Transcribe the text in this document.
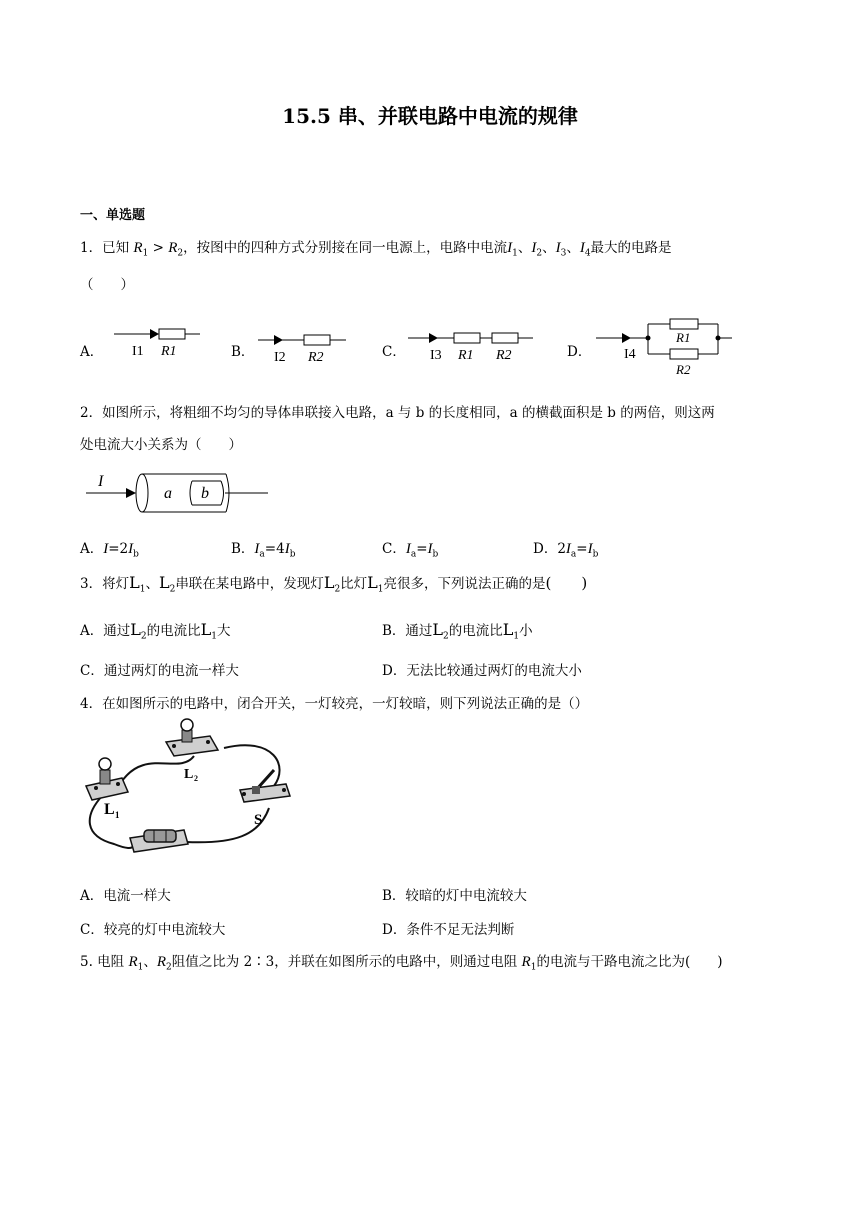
15.5 串、并联电路中电流的规律
一、单选题
1．已知 $R_1 > R_2$，按图中的四种方式分别接在同一电源上，电路中电流$I_1$、$I_2$、$I_3$、$I_4$最大的电路是
（　　）
A．	B．	C．	D．
I1 R1	I2 R2	I3 R1 R2	I4
R1
R2
2．如图所示，将粗细不均匀的导体串联接入电路，a 与 b 的长度相同，a 的横截面积是 b 的两倍，则这两
处电流大小关系为（　　）
I
a b
A．$I=2I_b$	B．$I_a=4I_b$	C．$I_a=I_b$	D．$2I_a=I_b$
3．将灯$L_1$、$L_2$串联在某电路中，发现灯$L_2$比灯$L_1$亮很多，下列说法正确的是(　　)
A．通过$L_2$的电流比$L_1$大	B．通过$L_2$的电流比$L_1$小
C．通过两灯的电流一样大	D．无法比较通过两灯的电流大小
4．在如图所示的电路中，闭合开关，一灯较亮，一灯较暗，则下列说法正确的是（）
L 1
L 2
S
A．电流一样大	B．较暗的灯中电流较大
C．较亮的灯中电流较大	D．条件不足无法判断
5. 电阻 $R_1$、$R_2$阻值之比为 2∶3，并联在如图所示的电路中，则通过电阻 $R_1$的电流与干路电流之比为(　　)
